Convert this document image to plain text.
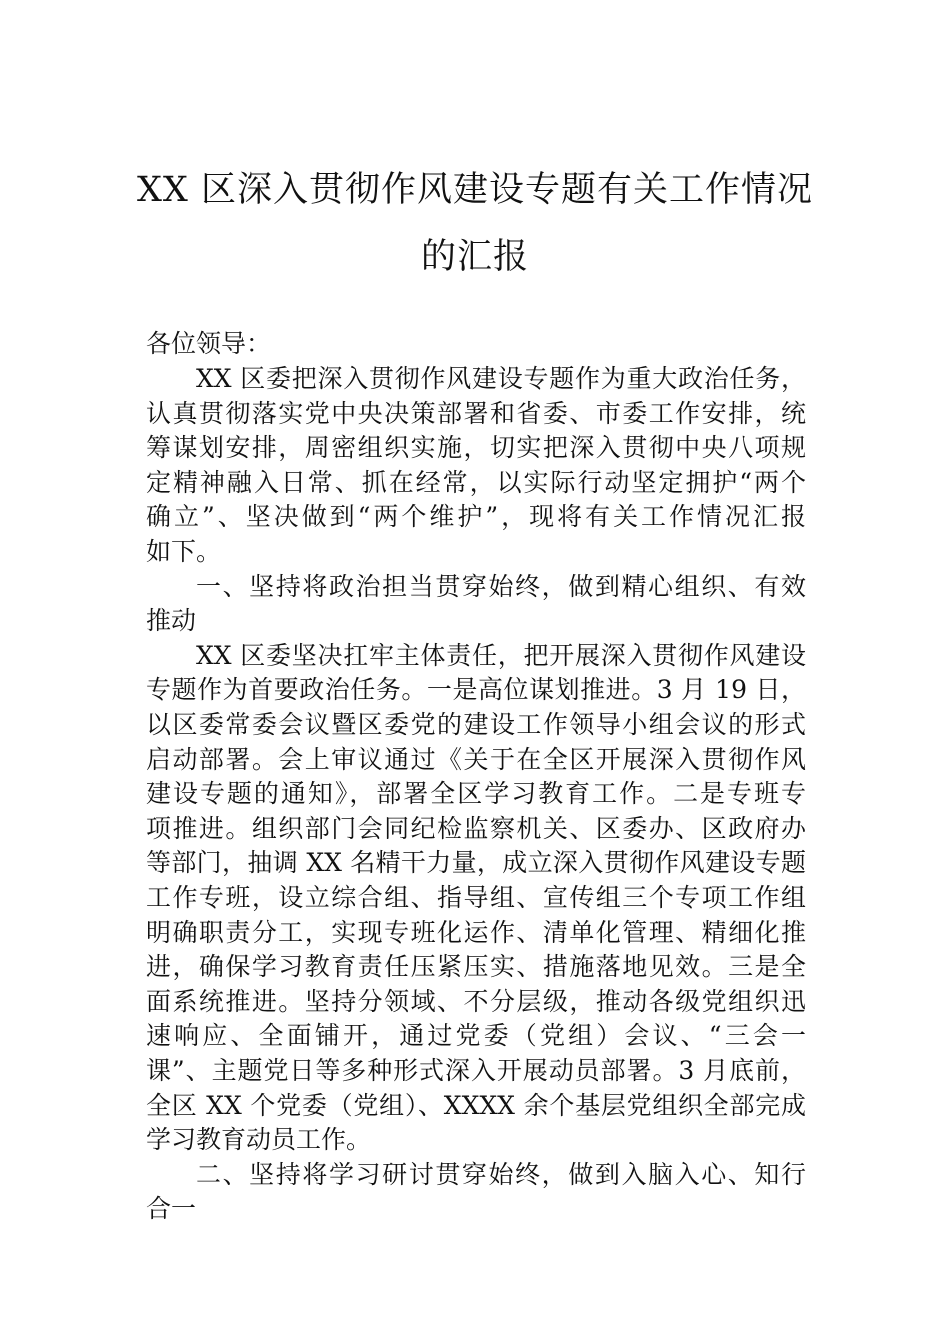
XX 区深入贯彻作风建设专题有关工作情况
的汇报

各位领导：

XX 区委把深入贯彻作风建设专题作为重大政治任务，

认真贯彻落实党中央决策部署和省委、市委工作安排，统

筹谋划安排，周密组织实施，切实把深入贯彻中央八项规

定精神融入日常、抓在经常，以实际行动坚定拥护“两个

确立”、坚决做到“两个维护”，现将有关工作情况汇报

如下。

一、坚持将政治担当贯穿始终，做到精心组织、有效

推动

XX 区委坚决扛牢主体责任，把开展深入贯彻作风建设

专题作为首要政治任务。一是高位谋划推进。3 月 19 日，

以区委常委会议暨区委党的建设工作领导小组会议的形式

启动部署。会上审议通过《关于在全区开展深入贯彻作风

建设专题的通知》，部署全区学习教育工作。二是专班专

项推进。组织部门会同纪检监察机关、区委办、区政府办

等部门，抽调 XX 名精干力量，成立深入贯彻作风建设专题

工作专班，设立综合组、指导组、宣传组三个专项工作组

明确职责分工，实现专班化运作、清单化管理、精细化推

进，确保学习教育责任压紧压实、措施落地见效。三是全

面系统推进。坚持分领域、不分层级，推动各级党组织迅

速响应、全面铺开，通过党委（党组）会议、“三会一

课”、主题党日等多种形式深入开展动员部署。3 月底前，

全区 XX 个党委（党组）、XXXX 余个基层党组织全部完成

学习教育动员工作。

二、坚持将学习研讨贯穿始终，做到入脑入心、知行

合一
